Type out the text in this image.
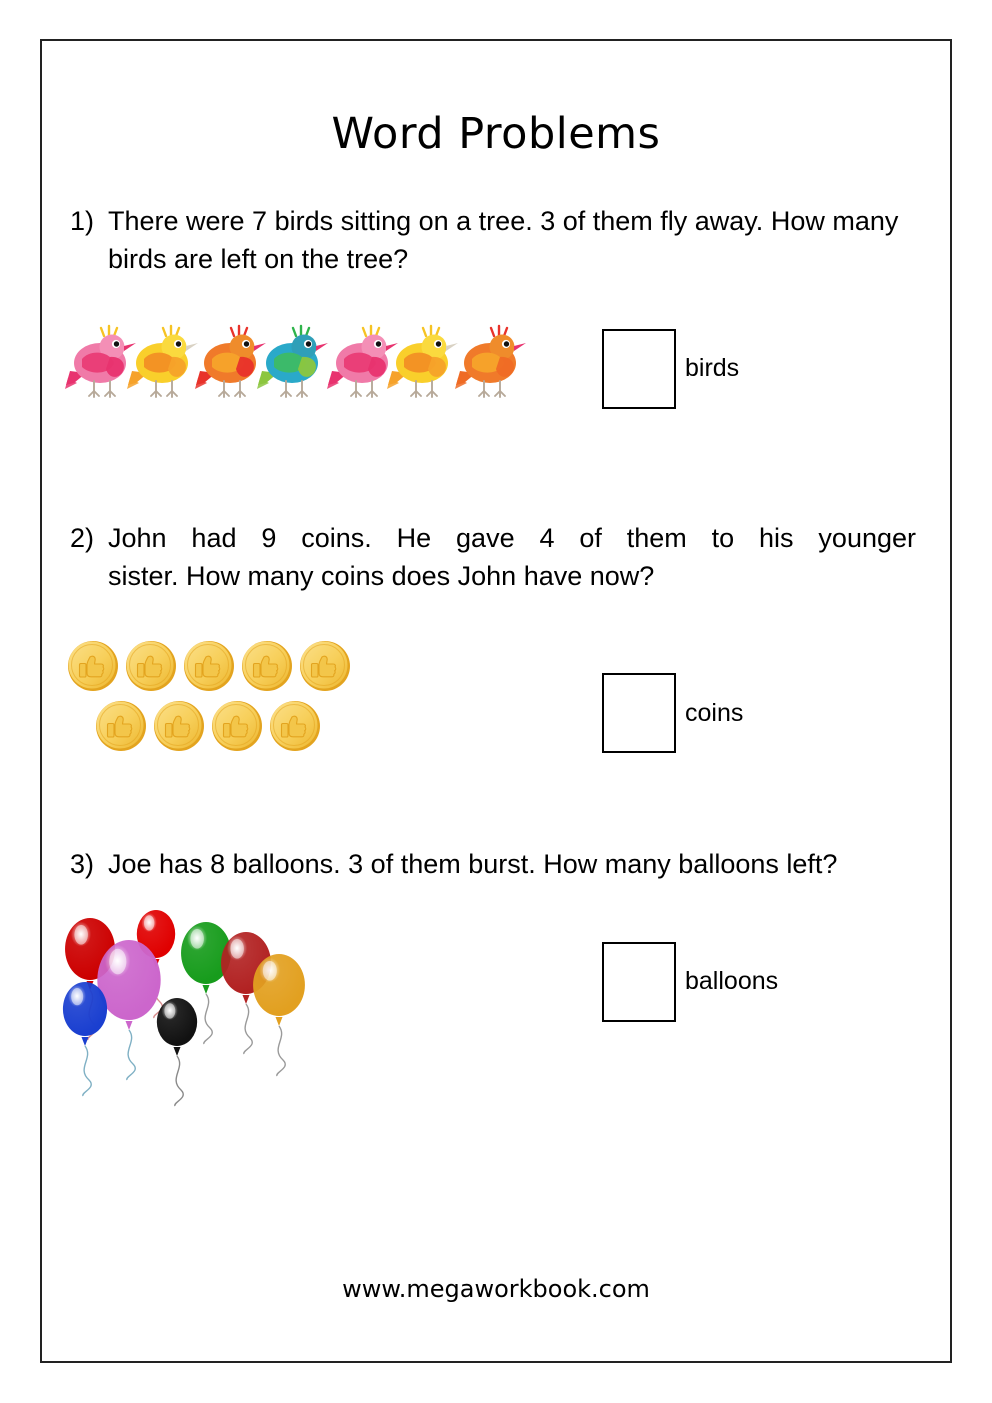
Word Problems
1) There were 7 birds sitting on a tree. 3 of them fly away. How many birds are left on the tree?
birds
2) John had 9 coins. He gave 4 of them to his younger
sister. How many coins does John have now?
coins
3) Joe has 8 balloons. 3 of them burst. How many balloons left?
balloons
www.megaworkbook.com
